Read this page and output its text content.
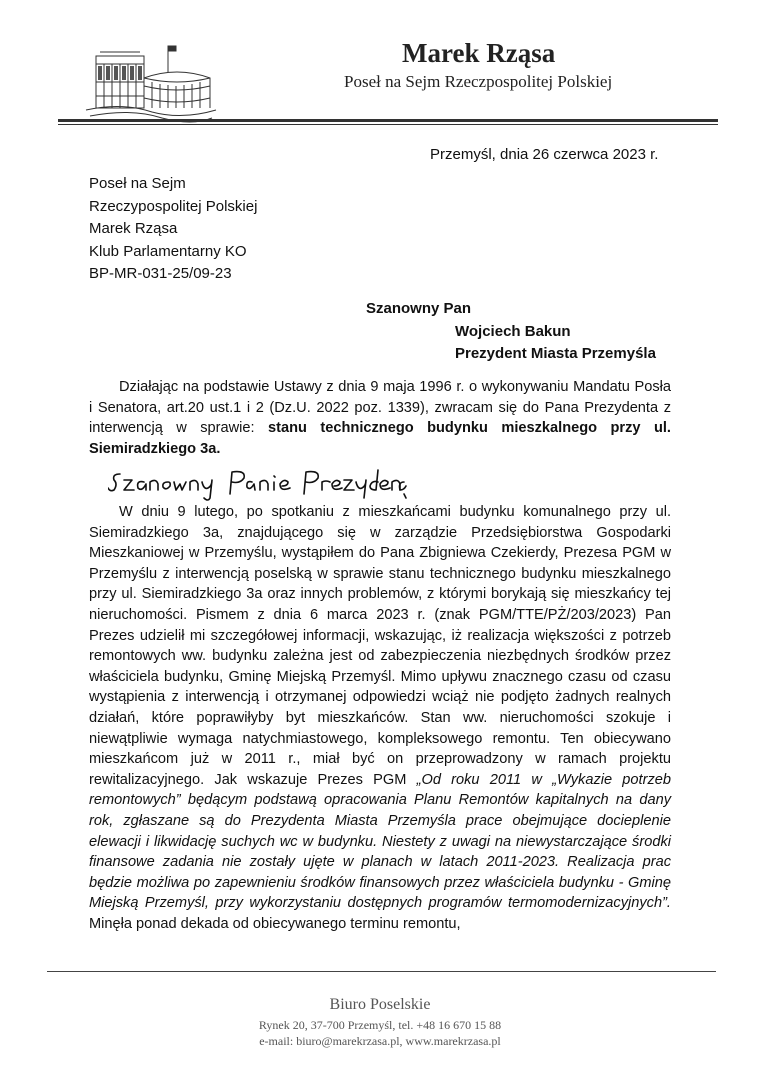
Marek Rząsa
Poseł na Sejm Rzeczpospolitej Polskiej
Przemyśl, dnia 26 czerwca 2023 r.
Poseł na Sejm
Rzeczypospolitej Polskiej
Marek Rząsa
Klub Parlamentarny KO
BP-MR-031-25/09-23
Szanowny Pan
Wojciech Bakun
Prezydent Miasta Przemyśla

Działając na podstawie Ustawy z dnia 9 maja 1996 r. o wykonywaniu Mandatu Posła i Senatora, art.20 ust.1 i 2 (Dz.U. 2022 poz. 1339), zwracam się do Pana Prezydenta z interwencją w sprawie: stanu technicznego budynku mieszkalnego przy ul. Siemiradzkiego 3a.

W dniu 9 lutego, po spotkaniu z mieszkańcami budynku komunalnego przy ul. Siemiradzkiego 3a, znajdującego się w zarządzie Przedsiębiorstwa Gospodarki Mieszkaniowej w Przemyślu, wystąpiłem do Pana Zbigniewa Czekierdy, Prezesa PGM w Przemyślu z interwencją poselską w sprawie stanu technicznego budynku mieszkalnego przy ul. Siemiradzkiego 3a oraz innych problemów, z którymi borykają się mieszkańcy tej nieruchomości. Pismem z dnia 6 marca 2023 r. (znak PGM/TTE/PŻ/203/2023) Pan Prezes udzielił mi szczegółowej informacji, wskazując, iż realizacja większości z potrzeb remontowych ww. budynku zależna jest od zabezpieczenia niezbędnych środków przez właściciela budynku, Gminę Miejską Przemyśl. Mimo upływu znacznego czasu od czasu wystąpienia z interwencją i otrzymanej odpowiedzi wciąż nie podjęto żadnych realnych działań, które poprawiłyby byt mieszkańców. Stan ww. nieruchomości szokuje i niewątpliwie wymaga natychmiastowego, kompleksowego remontu. Ten obiecywano mieszkańcom już w 2011 r., miał być on przeprowadzony w ramach projektu rewitalizacyjnego. Jak wskazuje Prezes PGM „Od roku 2011 w „Wykazie potrzeb remontowych” będącym podstawą opracowania Planu Remontów kapitalnych na dany rok, zgłaszane są do Prezydenta Miasta Przemyśla prace obejmujące docieplenie elewacji i likwidację suchych wc w budynku. Niestety z uwagi na niewystarczające środki finansowe zadania nie zostały ujęte w planach w latach 2011-2023. Realizacja prac będzie możliwa po zapewnieniu środków finansowych przez właściciela budynku - Gminę Miejską Przemyśl, przy wykorzystaniu dostępnych programów termomodernizacyjnych”. Minęła ponad dekada od obiecywanego terminu remontu,

Biuro Poselskie
Rynek 20, 37-700 Przemyśl, tel. +48 16 670 15 88
e-mail: biuro@marekrzasa.pl, www.marekrzasa.pl
